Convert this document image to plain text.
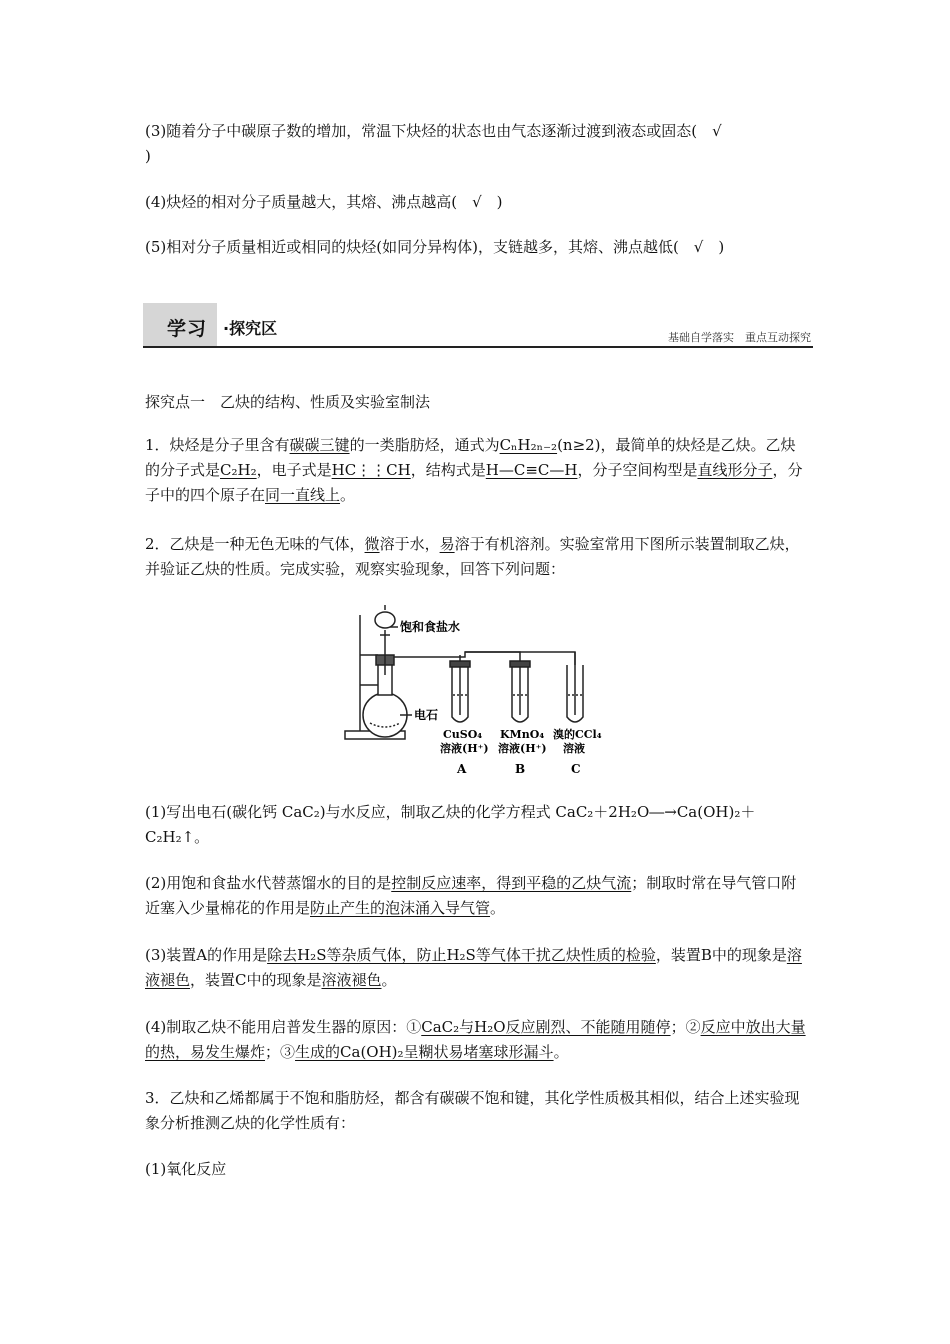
(3)随着分子中碳原子数的增加，常温下炔烃的状态也由气态逐渐过渡到液态或固态(　√
)
(4)炔烃的相对分子质量越大，其熔、沸点越高(　√　)
(5)相对分子质量相近或相同的炔烃(如同分异构体)，支链越多，其熔、沸点越低(　√　)
学习 ·探究区	基础自学落实　重点互动探究
探究点一　乙炔的结构、性质及实验室制法
1．炔烃是分子里含有碳碳三键的一类脂肪烃，通式为CₙH₂ₙ₋₂(n≥2)，最简单的炔烃是乙炔。乙炔的分子式是C₂H₂，电子式是HC⋮⋮CH，结构式是H—C≡C—H，分子空间构型是直线形分子，分子中的四个原子在同一直线上。
2．乙炔是一种无色无味的气体，微溶于水，易溶于有机溶剂。实验室常用下图所示装置制取乙炔，并验证乙炔的性质。完成实验，观察实验现象，回答下列问题：
饱和食盐水
电石
CuSO₄
溶液(H⁺)
A
KMnO₄
溶液(H⁺)
B
溴的CCl₄
溶液
C
(1)写出电石(碳化钙 CaC₂)与水反应，制取乙炔的化学方程式 CaC₂＋2H₂O―→Ca(OH)₂＋C₂H₂↑。
(2)用饱和食盐水代替蒸馏水的目的是控制反应速率，得到平稳的乙炔气流；制取时常在导气管口附近塞入少量棉花的作用是防止产生的泡沫涌入导气管。
(3)装置A的作用是除去H₂S等杂质气体，防止H₂S等气体干扰乙炔性质的检验，装置B中的现象是溶液褪色，装置C中的现象是溶液褪色。
(4)制取乙炔不能用启普发生器的原因：①CaC₂与H₂O反应剧烈、不能随用随停；②反应中放出大量的热，易发生爆炸；③生成的Ca(OH)₂呈糊状易堵塞球形漏斗。
3．乙炔和乙烯都属于不饱和脂肪烃，都含有碳碳不饱和键，其化学性质极其相似，结合上述实验现象分析推测乙炔的化学性质有：
(1)氧化反应
